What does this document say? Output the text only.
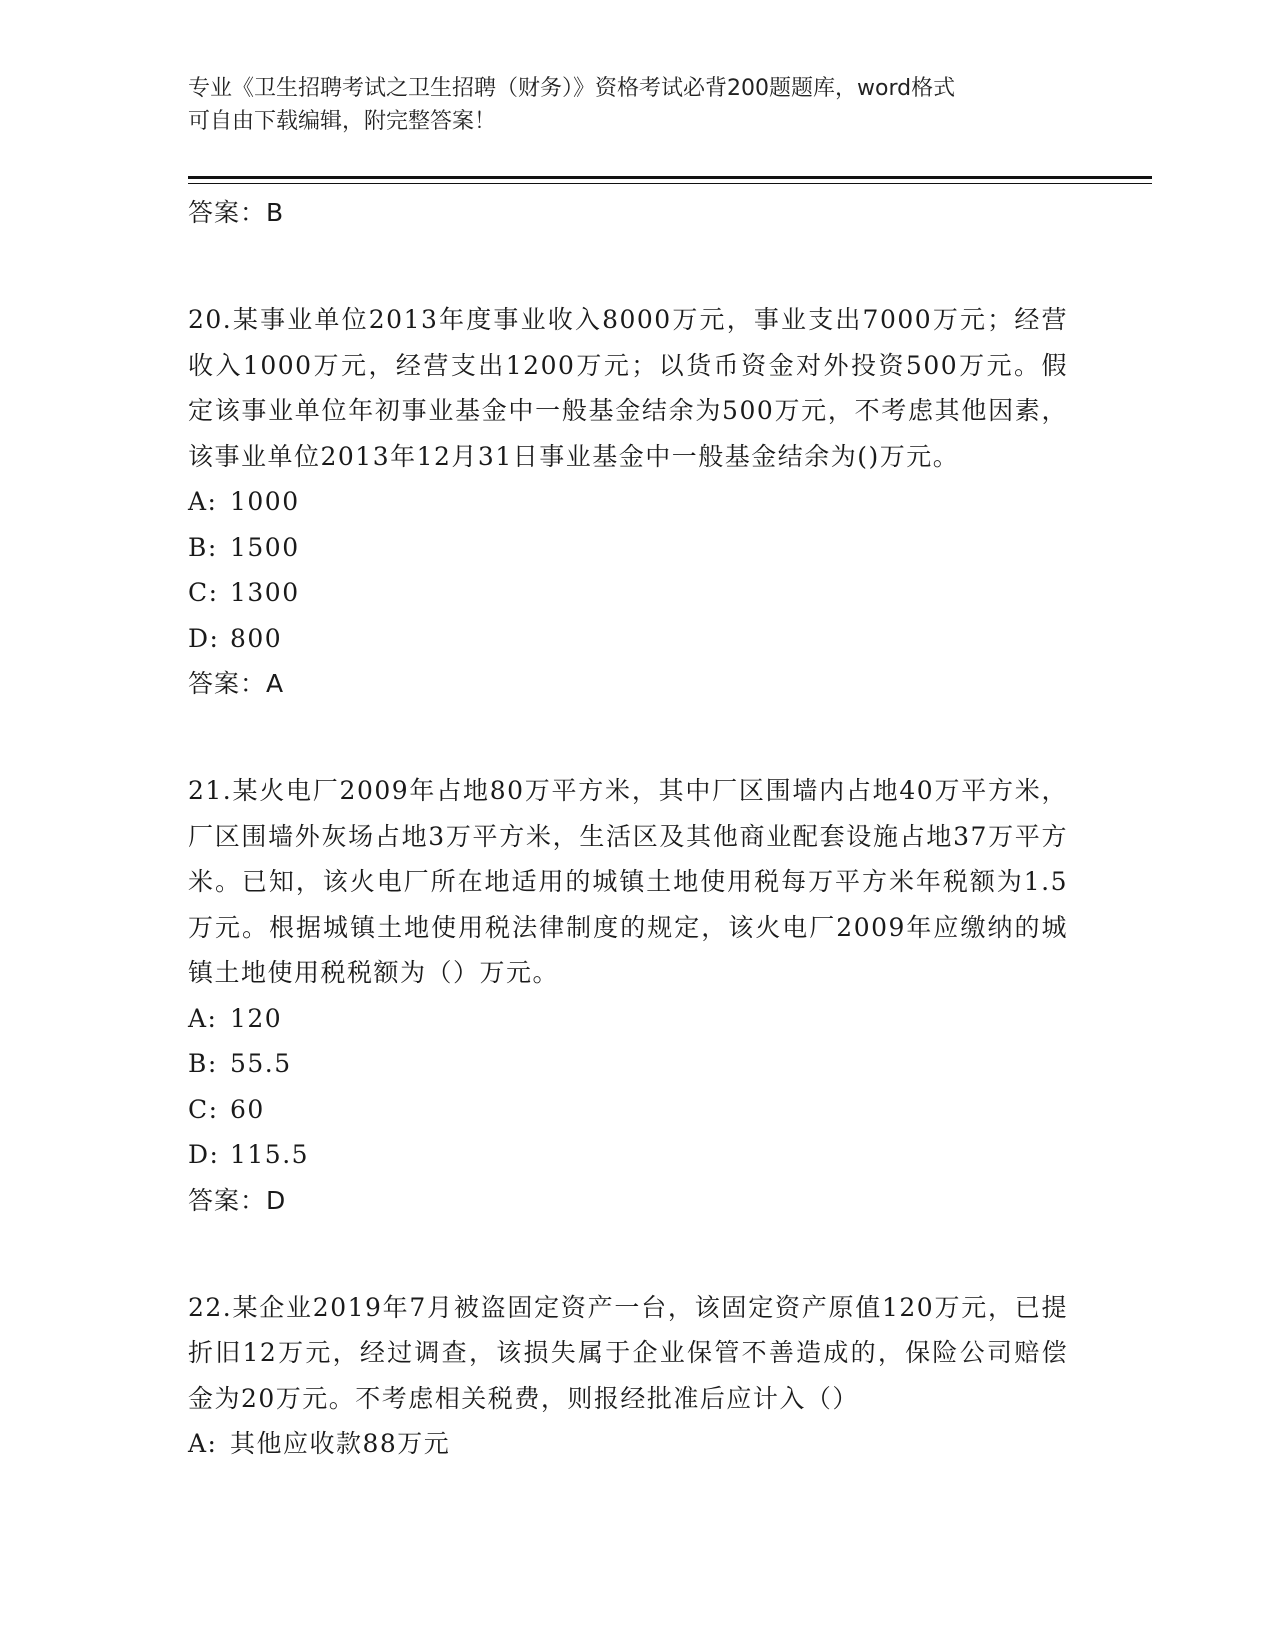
专业《卫生招聘考试之卫生招聘（财务）》资格考试必背200题题库，word格式
可自由下载编辑，附完整答案！
答案：B
20.某事业单位2013年度事业收入8000万元，事业支出7000万元；经营收入1000万元，经营支出1200万元；以货币资金对外投资500万元。假定该事业单位年初事业基金中一般基金结余为500万元，不考虑其他因素，该事业单位2013年12月31日事业基金中一般基金结余为()万元。
A: 1000
B: 1500
C: 1300
D: 800
答案：A
21.某火电厂2009年占地80万平方米，其中厂区围墙内占地40万平方米，厂区围墙外灰场占地3万平方米，生活区及其他商业配套设施占地37万平方米。已知，该火电厂所在地适用的城镇土地使用税每万平方米年税额为1.5万元。根据城镇土地使用税法律制度的规定，该火电厂2009年应缴纳的城镇土地使用税税额为（）万元。
A: 120
B: 55.5
C: 60
D: 115.5
答案：D
22.某企业2019年7月被盗固定资产一台，该固定资产原值120万元，已提折旧12万元，经过调查，该损失属于企业保管不善造成的，保险公司赔偿金为20万元。不考虑相关税费，则报经批准后应计入（）
A: 其他应收款88万元
